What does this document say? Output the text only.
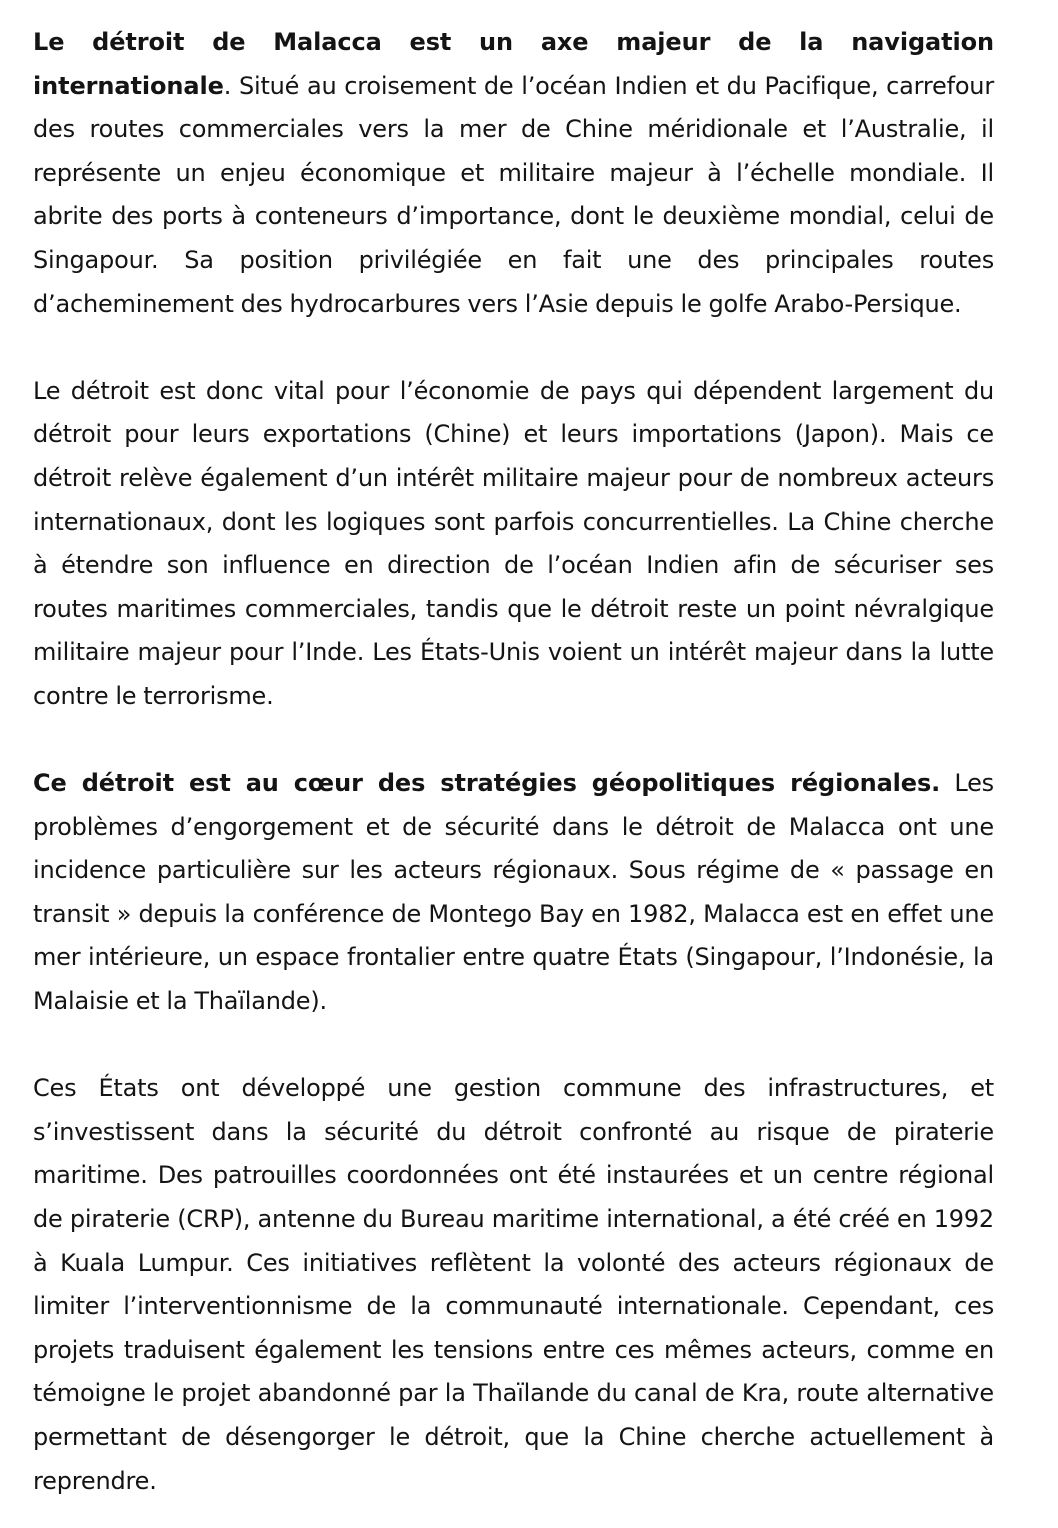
Le détroit de Malacca est un axe majeur de la navigation internationale. Situé au croisement de l’océan Indien et du Pacifique, carrefour des routes commerciales vers la mer de Chine méridionale et l’Australie, il représente un enjeu économique et militaire majeur à l’échelle mondiale. Il abrite des ports à conteneurs d’importance, dont le deuxième mondial, celui de Singapour. Sa position privilégiée en fait une des principales routes d’acheminement des hydrocarbures vers l’Asie depuis le golfe Arabo-Persique.

Le détroit est donc vital pour l’économie de pays qui dépendent largement du détroit pour leurs exportations (Chine) et leurs importations (Japon). Mais ce détroit relève également d’un intérêt militaire majeur pour de nombreux acteurs internationaux, dont les logiques sont parfois concurrentielles. La Chine cherche à étendre son influence en direction de l’océan Indien afin de sécuriser ses routes maritimes commerciales, tandis que le détroit reste un point névralgique militaire majeur pour l’Inde. Les États-Unis voient un intérêt majeur dans la lutte contre le terrorisme.

Ce détroit est au cœur des stratégies géopolitiques régionales. Les problèmes d’engorgement et de sécurité dans le détroit de Malacca ont une incidence particulière sur les acteurs régionaux. Sous régime de « passage en transit » depuis la conférence de Montego Bay en 1982, Malacca est en effet une mer intérieure, un espace frontalier entre quatre États (Singapour, l’Indonésie, la Malaisie et la Thaïlande).

Ces États ont développé une gestion commune des infrastructures, et s’investissent dans la sécurité du détroit confronté au risque de piraterie maritime. Des patrouilles coordonnées ont été instaurées et un centre régional de piraterie (CRP), antenne du Bureau maritime international, a été créé en 1992 à Kuala Lumpur. Ces initiatives reflètent la volonté des acteurs régionaux de limiter l’interventionnisme de la communauté internationale. Cependant, ces projets traduisent également les tensions entre ces mêmes acteurs, comme en témoigne le projet abandonné par la Thaïlande du canal de Kra, route alternative permettant de désengorger le détroit, que la Chine cherche actuellement à reprendre.
